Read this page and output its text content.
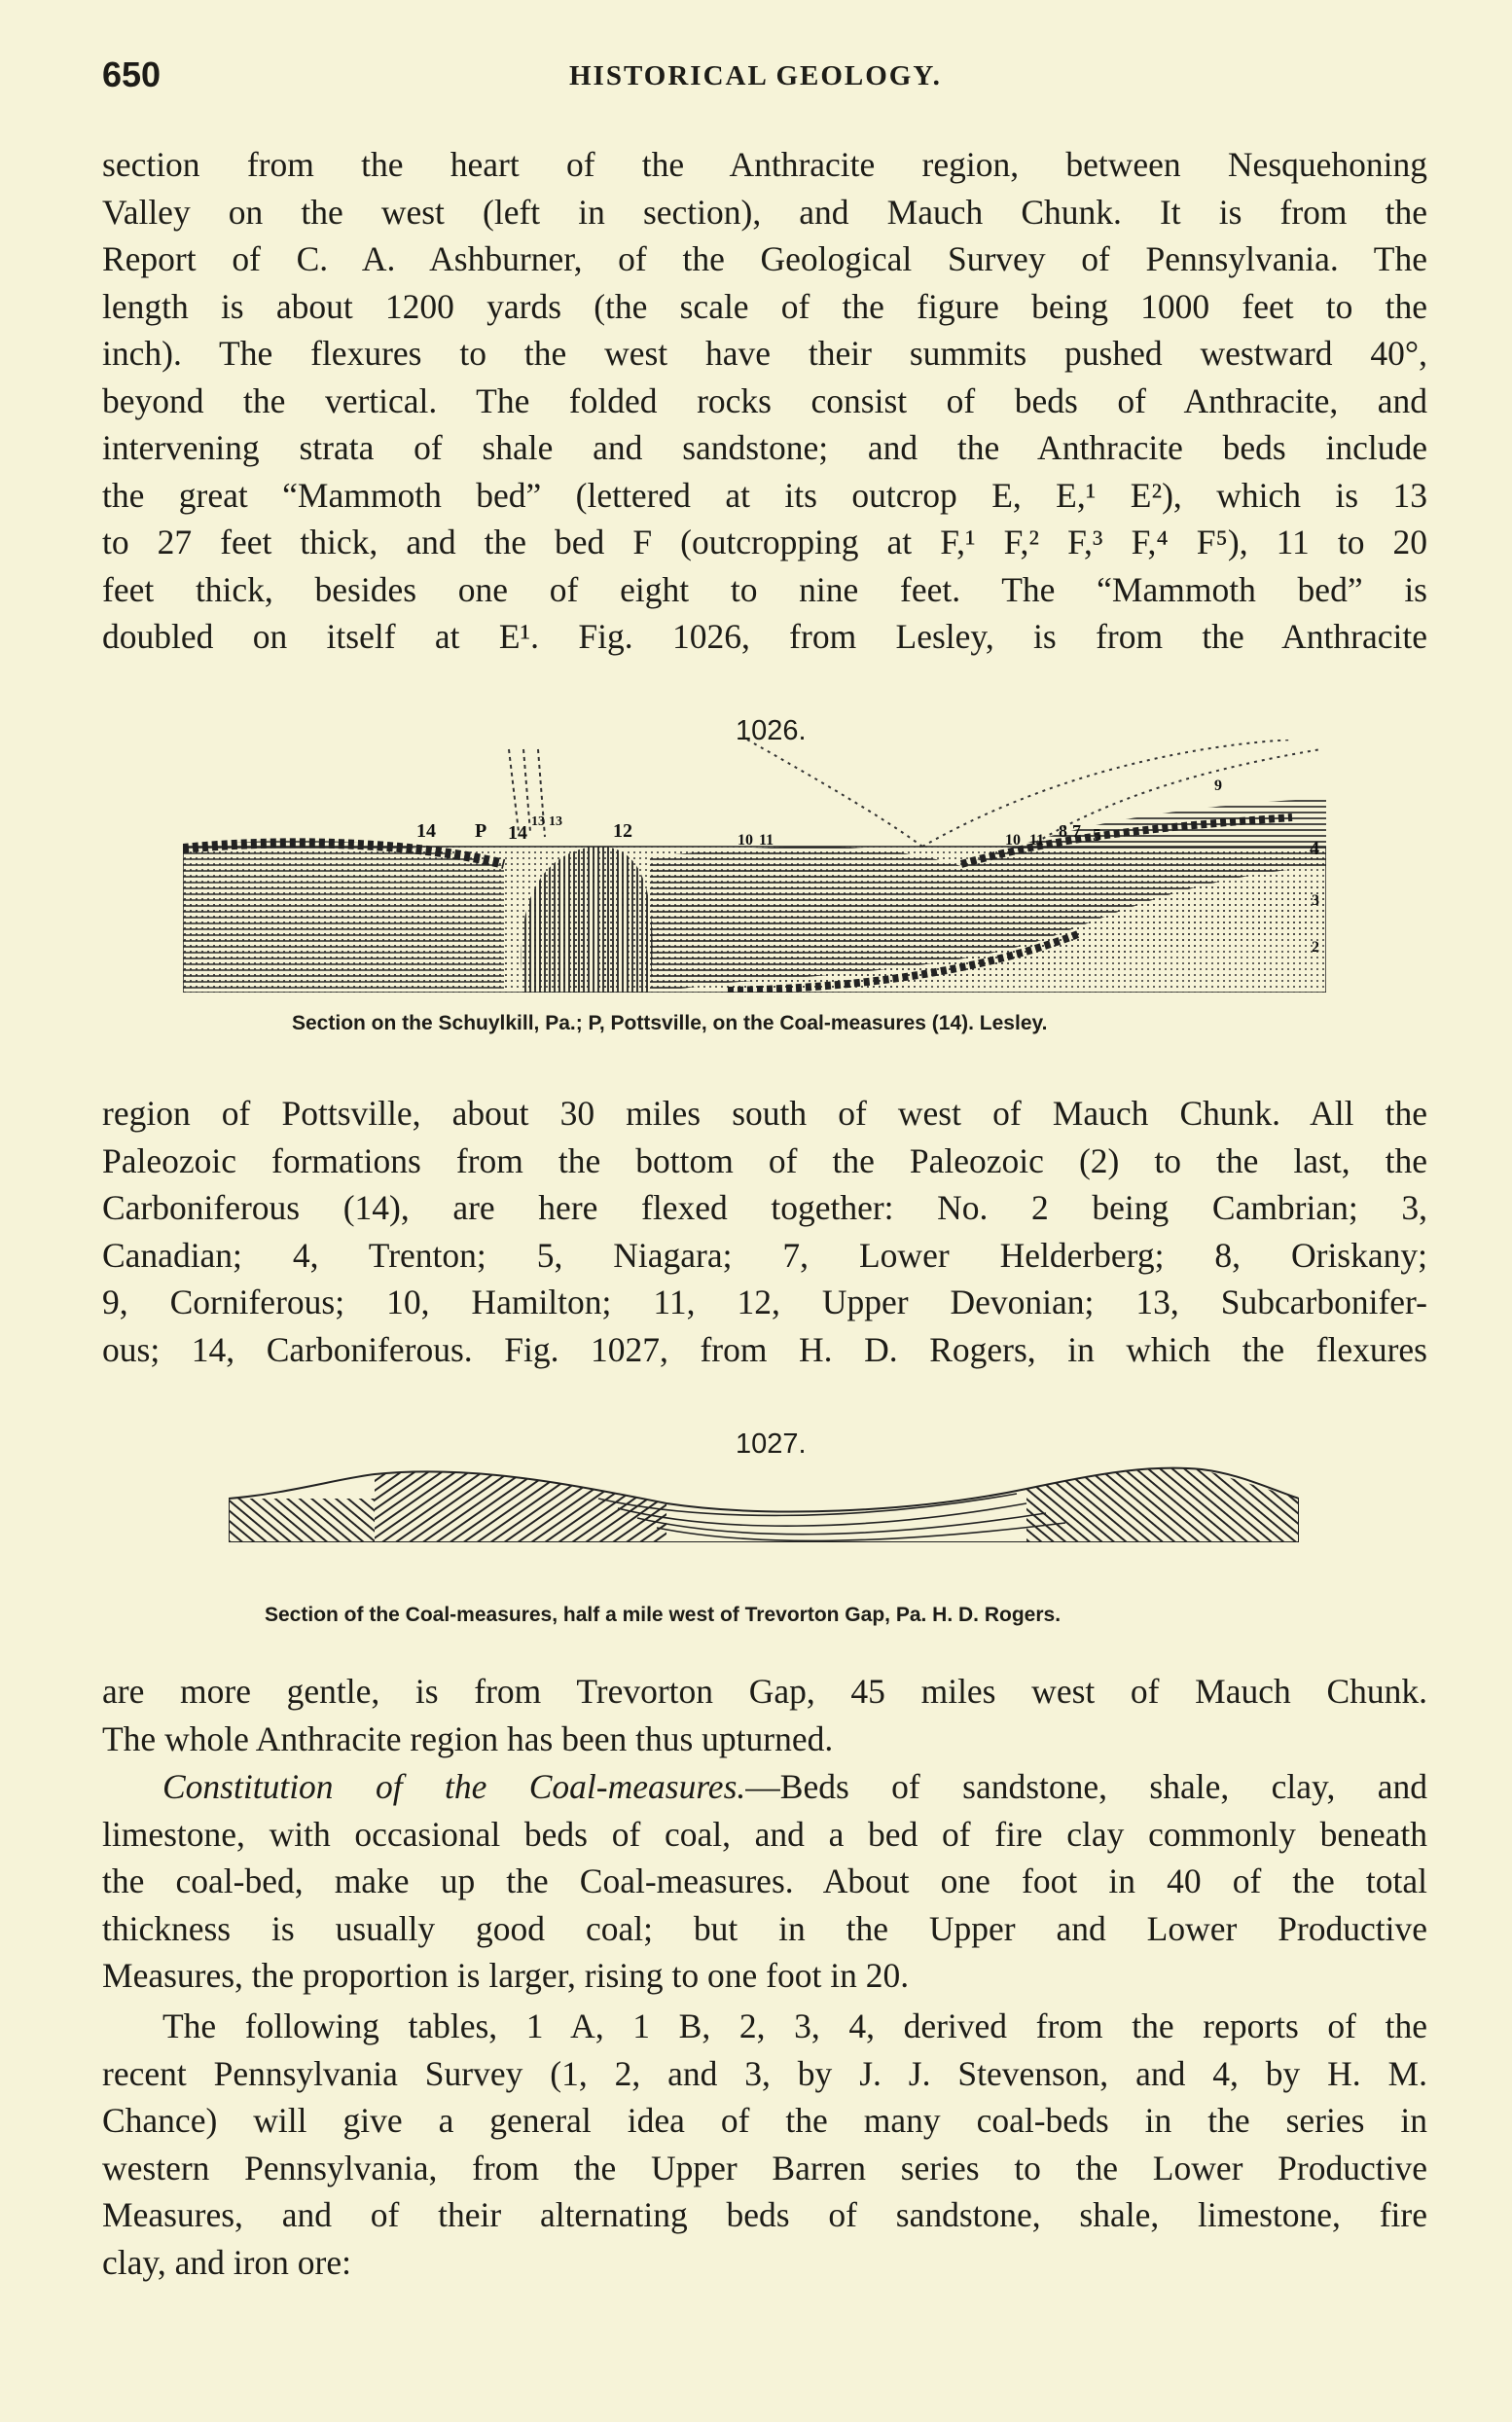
650	HISTORICAL GEOLOGY.
section from the heart of the Anthracite region, between Nesquehoning
Valley on the west (left in section), and Mauch Chunk. It is from the
Report of C. A. Ashburner, of the Geological Survey of Pennsylvania. The
length is about 1200 yards (the scale of the figure being 1000 feet to the
inch). The flexures to the west have their summits pushed westward 40°,
beyond the vertical. The folded rocks consist of beds of Anthracite, and
intervening strata of shale and sandstone; and the Anthracite beds include
the great “Mammoth bed” (lettered at its outcrop E, E,¹ E²), which is 13
to 27 feet thick, and the bed F (outcropping at F,¹ F,² F,³ F,⁴ F⁵), 11 to 20
feet thick, besides one of eight to nine feet. The “Mammoth bed” is
doubled on itself at E¹. Fig. 1026, from Lesley, is from the Anthracite
1026.
14 P 14
13 13	12	10 11	10 11 8 7 5
9
4
3
2
Section on the Schuylkill, Pa.; P, Pottsville, on the Coal-measures (14). Lesley.
region of Pottsville, about 30 miles south of west of Mauch Chunk. All the
Paleozoic formations from the bottom of the Paleozoic (2) to the last, the
Carboniferous (14), are here flexed together: No. 2 being Cambrian; 3,
Canadian; 4, Trenton; 5, Niagara; 7, Lower Helderberg; 8, Oriskany;
9, Corniferous; 10, Hamilton; 11, 12, Upper Devonian; 13, Subcarbonifer-
ous; 14, Carboniferous. Fig. 1027, from H. D. Rogers, in which the flexures
1027.
Section of the Coal-measures, half a mile west of Trevorton Gap, Pa. H. D. Rogers.
are more gentle, is from Trevorton Gap, 45 miles west of Mauch Chunk.
The whole Anthracite region has been thus upturned.
Constitution of the Coal-measures.—Beds of sandstone, shale, clay, and
limestone, with occasional beds of coal, and a bed of fire clay commonly beneath
the coal-bed, make up the Coal-measures. About one foot in 40 of the total
thickness is usually good coal; but in the Upper and Lower Productive
Measures, the proportion is larger, rising to one foot in 20.
The following tables, 1 A, 1 B, 2, 3, 4, derived from the reports of the
recent Pennsylvania Survey (1, 2, and 3, by J. J. Stevenson, and 4, by H. M.
Chance) will give a general idea of the many coal-beds in the series in
western Pennsylvania, from the Upper Barren series to the Lower Productive
Measures, and of their alternating beds of sandstone, shale, limestone, fire
clay, and iron ore:
